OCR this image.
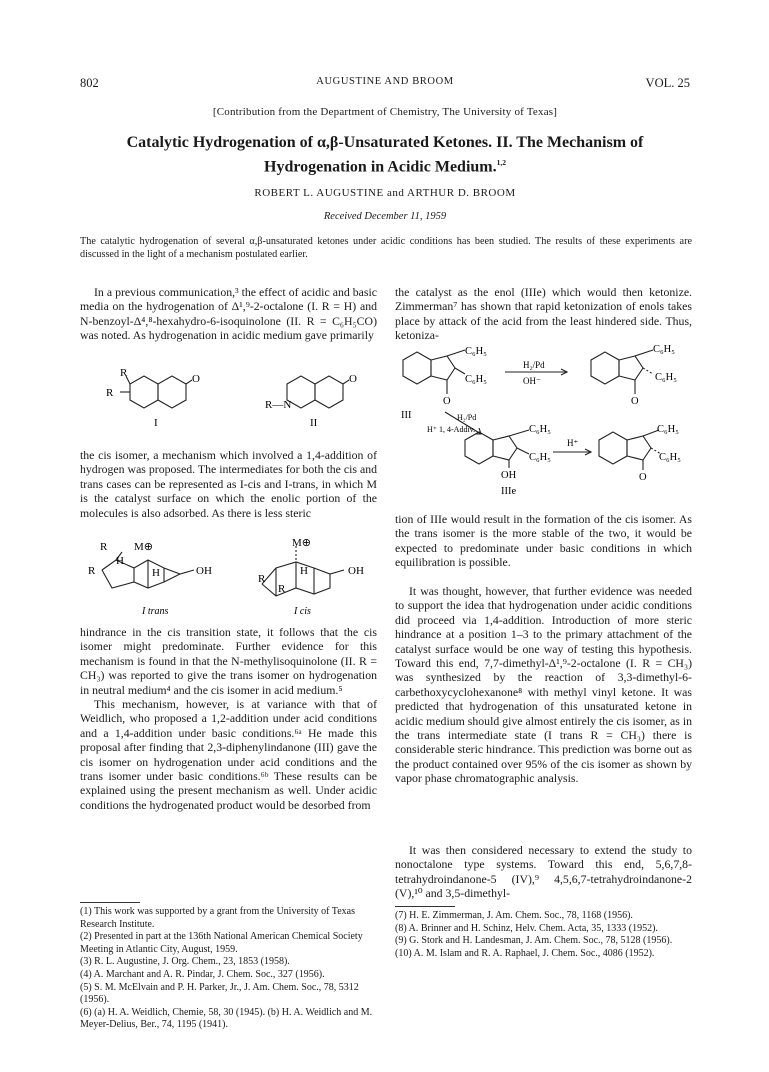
802	AUGUSTINE AND BROOM	VOL. 25
[Contribution from the Department of Chemistry, The University of Texas]
Catalytic Hydrogenation of α,β-Unsaturated Ketones. II. The Mechanism of
Hydrogenation in Acidic Medium.$^{1,2}$
ROBERT L. AUGUSTINE and ARTHUR D. BROOM
Received December 11, 1959
The catalytic hydrogenation of several α,β-unsaturated ketones under acidic conditions has been studied. The results of these experiments are discussed in the light of a mechanism postulated earlier.

In a previous communication,³ the effect of acidic and basic media on the hydrogenation of Δ¹,⁹-2-octalone (I. R = H) and N-benzoyl-Δ⁴,⁸-hexahydro-6-isoquinolone (II. R = C₆H₅CO) was noted. As hydrogenation in acidic medium gave primarily

R
R
O
I
R—N
O
II

the cis isomer, a mechanism which involved a 1,4-addition of hydrogen was proposed. The intermediates for both the cis and trans cases can be represented as I-cis and I-trans, in which M is the catalyst surface on which the enolic portion of the molecules is also adsorbed. As there is less steric

R M⊕
H
R	H	OH
I trans
M⊕
H	OH
R
R
I cis

hindrance in the cis transition state, it follows that the cis isomer might predominate. Further evidence for this mechanism is found in that the N-methylisoquinolone (II. R = CH₃) was reported to give the trans isomer on hydrogenation in neutral medium⁴ and the cis isomer in acid medium.⁵

This mechanism, however, is at variance with that of Weidlich, who proposed a 1,2-addition under acid conditions and a 1,4-addition under basic conditions.⁶ᵃ He made this proposal after finding that 2,3-diphenylindanone (III) gave the cis isomer on hydrogenation under acid conditions and the trans isomer under basic conditions.⁶ᵇ These results can be explained using the present mechanism as well. Under acidic conditions the hydrogenated product would be desorbed from

(1) This work was supported by a grant from the University of Texas Research Institute.

(2) Presented in part at the 136th National American Chemical Society Meeting in Atlantic City, August, 1959.

(3) R. L. Augustine, J. Org. Chem., 23, 1853 (1958).

(4) A. Marchant and A. R. Pindar, J. Chem. Soc., 327 (1956).

(5) S. M. McElvain and P. H. Parker, Jr., J. Am. Chem. Soc., 78, 5312 (1956).

(6) (a) H. A. Weidlich, Chemie, 58, 30 (1945). (b) H. A. Weidlich and M. Meyer-Delius, Ber., 74, 1195 (1941).

the catalyst as the enol (IIIe) which would then ketonize. Zimmerman⁷ has shown that rapid ketonization of enols takes place by attack of the acid from the least hindered side. Thus, ketoniza-

C₆H₅
C₆H₅
O
III
H₂/Pd
OH⁻
C₆H₅
C₆H₅
O
H₂/Pd
H⁺ 1, 4-Addiv.	C₆H₅
C₆H₅
OH
IIIe
H⁺
C₆H₅
C₆H₅
O

tion of IIIe would result in the formation of the cis isomer. As the trans isomer is the more stable of the two, it would be expected to predominate under basic conditions in which equilibration is possible.

It was thought, however, that further evidence was needed to support the idea that hydrogenation under acidic conditions did proceed via 1,4-addition. Introduction of more steric hindrance at a position 1–3 to the primary attachment of the catalyst surface would be one way of testing this hypothesis. Toward this end, 7,7-dimethyl-Δ¹,⁹-2-octalone (I. R = CH₃) was synthesized by the reaction of 3,3-dimethyl-6-carbethoxycyclohexanone⁸ with methyl vinyl ketone. It was predicted that hydrogenation of this unsaturated ketone in acidic medium should give almost entirely the cis isomer, as in the trans intermediate state (I trans R = CH₃) there is considerable steric hindrance. This prediction was borne out as the product contained over 95% of the cis isomer as shown by vapor phase chromatographic analysis.

It was then considered necessary to extend the study to nonoctalone type systems. Toward this end, 5,6,7,8-tetrahydroindanone-5 (IV),⁹ 4,5,6,7-tetrahydroindanone-2 (V),¹⁰ and 3,5-dimethyl-

(7) H. E. Zimmerman, J. Am. Chem. Soc., 78, 1168 (1956).

(8) A. Brinner and H. Schinz, Helv. Chem. Acta, 35, 1333 (1952).

(9) G. Stork and H. Landesman, J. Am. Chem. Soc., 78, 5128 (1956).

(10) A. M. Islam and R. A. Raphael, J. Chem. Soc., 4086 (1952).
